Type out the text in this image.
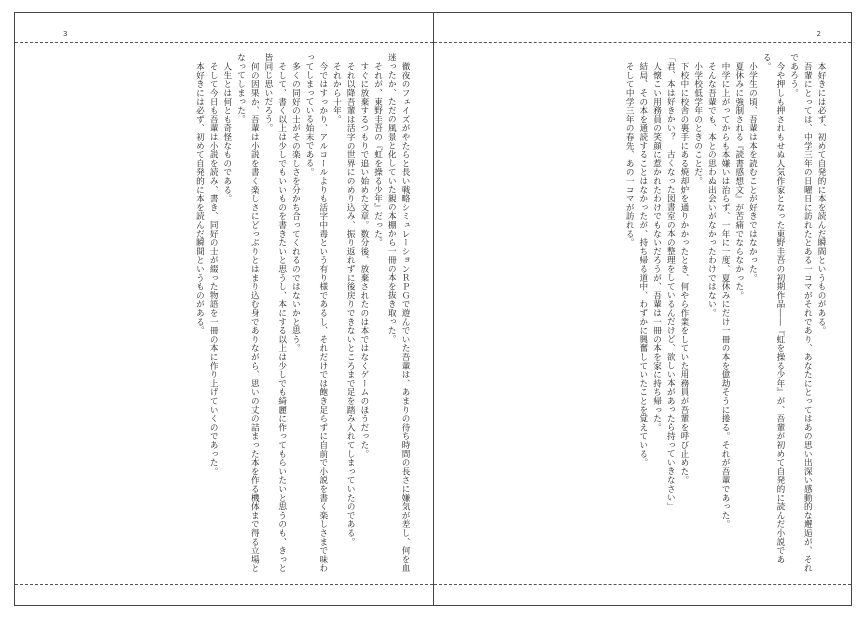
3

徹夜のフェイズがやたらと長い戦略シミュレーションＲＰＧで遊んでいた吾輩は、あまりの待ち時間の長さに嫌気が差し、何を血迷ったか、ただの風景と化していた親の本棚から一冊の本を抜き取った。

それが、東野圭吾の『虹を操る少年』だった。

すぐに放棄するつもりで追い始めた文章。数分後、放棄されたのは本ではなくゲームのほうだった。

それ以降吾輩は活字の世界にのめり込み、振り返れずに後戻りできないところまで足を踏み入れてしまっていたのである。

それから十年。

今ではすっかり、アルコールよりも活字中毒という有り様であるし、それだけでは飽き足らずに自前で小説を書く楽しさまで味わってしまっている始末である。

多くの同好の士がその楽しさを分かち合ってくれるのではないかと思う。

そして、書く以上は少しでもいいものを書きたいと思うし、本にする以上は少しでも綺麗に作ってもらいたいと思うのも、きっと皆同じ思いだろう。

何の因果か、吾輩は小説を書く楽しさにどっぷりとはまり込む身でありながら、思いの丈の詰まった本を作る機体まで得る立場となってしまった。

人生とは何とも奇怪なものである。

そして今日も吾輩は小説を読み、書き、同好の士が綴った物語を一冊の本に作り上げていくのであった。

本好きには必ず、初めて自発的に本を読んだ瞬間というものがある。

2

本好きには必ず、初めて自発的に本を読んだ瞬間というものがある。

吾輩にとっては、中学三年の日曜日に訪れたとある一コマがそれであり、あなたにとってはあの思い出深い感動的な邂逅が、それであろう。

今や押しも押されもせぬ人気作家となった東野圭吾の初期作品――『虹を操る少年』が、吾輩が初めて自発的に読んだ小説である。

小学生の頃、吾輩は本を読むことが好きではなかった。

夏休みに強制される『読書感想文』が苦痛でならなかった。

中学に上がってからも本嫌いは治らず、一年に一度、夏休みにだけ一冊の本を億劫そうに捲る。それが吾輩であった。

そんな吾輩でも、本との思わぬ出会いがなかったわけではない。

小学校低学年のときのことだ。

下校中に校舎の裏手にある焼却炉を通りかかったとき、何やら作業をしていた用務員が吾輩を呼び止めた。

「君、本は好きかい？　古くなった図書室の本の整理をしているんだけど、欲しい本があったら持っていきなさい」

人懐こい用務員の笑顔に惹かれたわけでもないだろうが、吾輩は一冊の本を家に持ち帰った。

結局、その本を通読することはなかったが、持ち帰る道中、わずかに興奮していたことを覚えている。

そして中学三年の春先、あの一コマが訪れる。
